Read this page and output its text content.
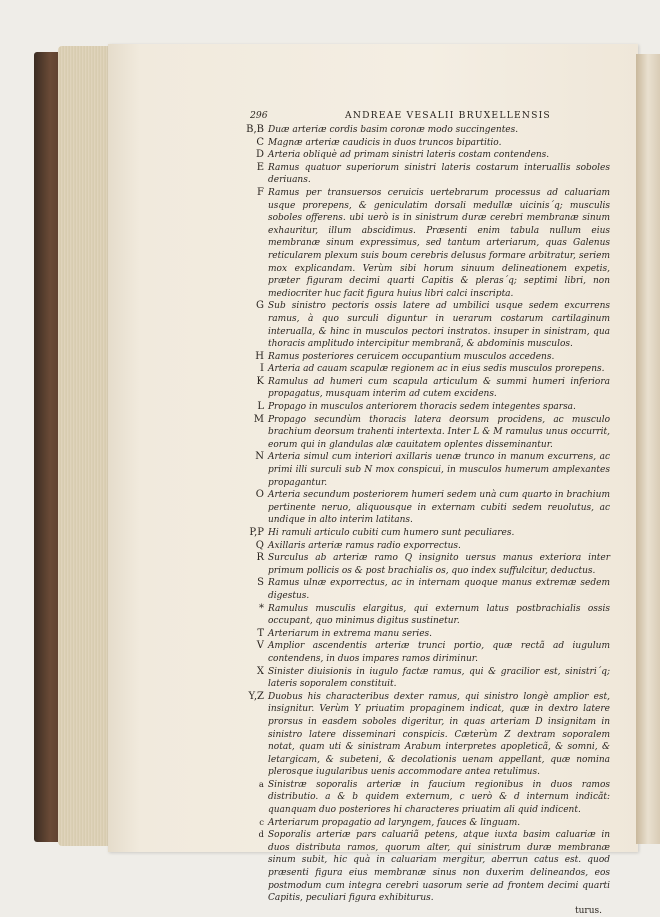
296	ANDREAE VESALII BRUXELLENSIS
B,B Duæ arteriæ cordis basim coronæ modo succingentes.
C Magnæ arteriæ caudicis in duos truncos bipartitio.
D Arteria obliquè ad primam sinistri lateris costam contendens.
E Ramus quatuor superiorum sinistri lateris costarum interuallis soboles deriuans.
F Ramus per transuersos ceruicis uertebrarum processus ad caluariam usque prorepens, & geniculatim dorsali medullæ uicinis´q; musculis soboles offerens. ubi uerò is in sinistrum duræ cerebri membranæ sinum exhauritur, illum abscidimus. Præsenti enim tabula nullum eius membranæ sinum expressimus, sed tantum arteriarum, quas Galenus reticularem plexum suis boum cerebris delusus formare arbitratur, seriem mox explicandam. Verùm sibi horum sinuum delineationem expetis, præter figuram decimi quarti Capitis & pleras´q; septimi libri, non mediocriter huc facit figura huius libri calci inscripta.
G Sub sinistro pectoris ossis latere ad umbilici usque sedem excurrens ramus, à quo surculi diguntur in uerarum costarum cartilaginum interualla, & hinc in musculos pectori instratos. insuper in sinistram, qua thoracis amplitudo intercipitur membranã, & abdominis musculos.
H Ramus posteriores ceruicem occupantium musculos accedens.
I Arteria ad cauam scapulæ regionem ac in eius sedis musculos prorepens.
K Ramulus ad humeri cum scapula articulum & summi humeri inferiora propagatus, musquam interim ad cutem excidens.
L Propago in musculos anteriorem thoracis sedem integentes sparsa.
M Propago secundùm thoracis latera deorsum procidens, ac musculo brachium deorsum trahenti intertexta. Inter L & M ramulus unus occurrit, eorum qui in glandulas alæ cauitatem oplentes disseminantur.
N Arteria simul cum interiori axillaris uenæ trunco in manum excurrens, ac primi illi surculi sub N mox conspicui, in musculos humerum amplexantes propagantur.
O Arteria secundum posteriorem humeri sedem unà cum quarto in brachium pertinente neruo, aliquousque in externam cubiti sedem reuolutus, ac undique in alto interim latitans.
P,P Hi ramuli articulo cubiti cum humero sunt peculiares.
Q Axillaris arteriæ ramus radio exporrectus.
R Surculus ab arteriæ ramo Q insignito uersus manus exteriora inter primum pollicis os & post brachialis os, quo index suffulcitur, deductus.
S Ramus ulnæ exporrectus, ac in internam quoque manus extremæ sedem digestus.
* Ramulus musculis elargitus, qui externum latus postbrachialis ossis occupant, quo minimus digitus sustinetur.
T Arteriarum in extrema manu series.
V Amplior ascendentis arteriæ trunci portio, quæ rectã ad iugulum contendens, in duos impares ramos diriminur.
X Sinister diuisionis in iugulo factæ ramus, qui & gracilior est, sinistri´q; lateris soporalem constituit.
Y,Z Duobus his characteribus dexter ramus, qui sinistro longè amplior est, insignitur. Verùm Y priuatim propaginem indicat, quæ in dextro latere prorsus in easdem soboles digeritur, in quas arteriam D insignitam in sinistro latere disseminari conspicis. Cæterùm Z dextram soporalem notat, quam uti & sinistram Arabum interpretes apopleticã, & somni, & letargicam, & subeteni, & decolationis uenam appellant, quæ nomina plerosque iugularibus uenis accommodare antea retulimus.
a Sinistræ soporalis arteriæ in faucium regionibus in duos ramos distributio. a & b quidem externum, c uerò & d internum indicãt: quanquam duo posteriores hi characteres priuatim ali quid indicent.
c Arteriarum propagatio ad laryngem, fauces & linguam.
d Soporalis arteriæ pars caluariã petens, atque iuxta basim caluariæ in duos distributa ramos, quorum alter, qui sinistrum duræ membranæ sinum subit, hic quà in caluariam mergitur, aberrun catus est. quod præsenti figura eius membranæ sinus non duxerim delineandos, eos postmodum cum integra cerebri uasorum serie ad frontem decimi quarti Capitis, peculiari figura exhibiturus.
turus.
